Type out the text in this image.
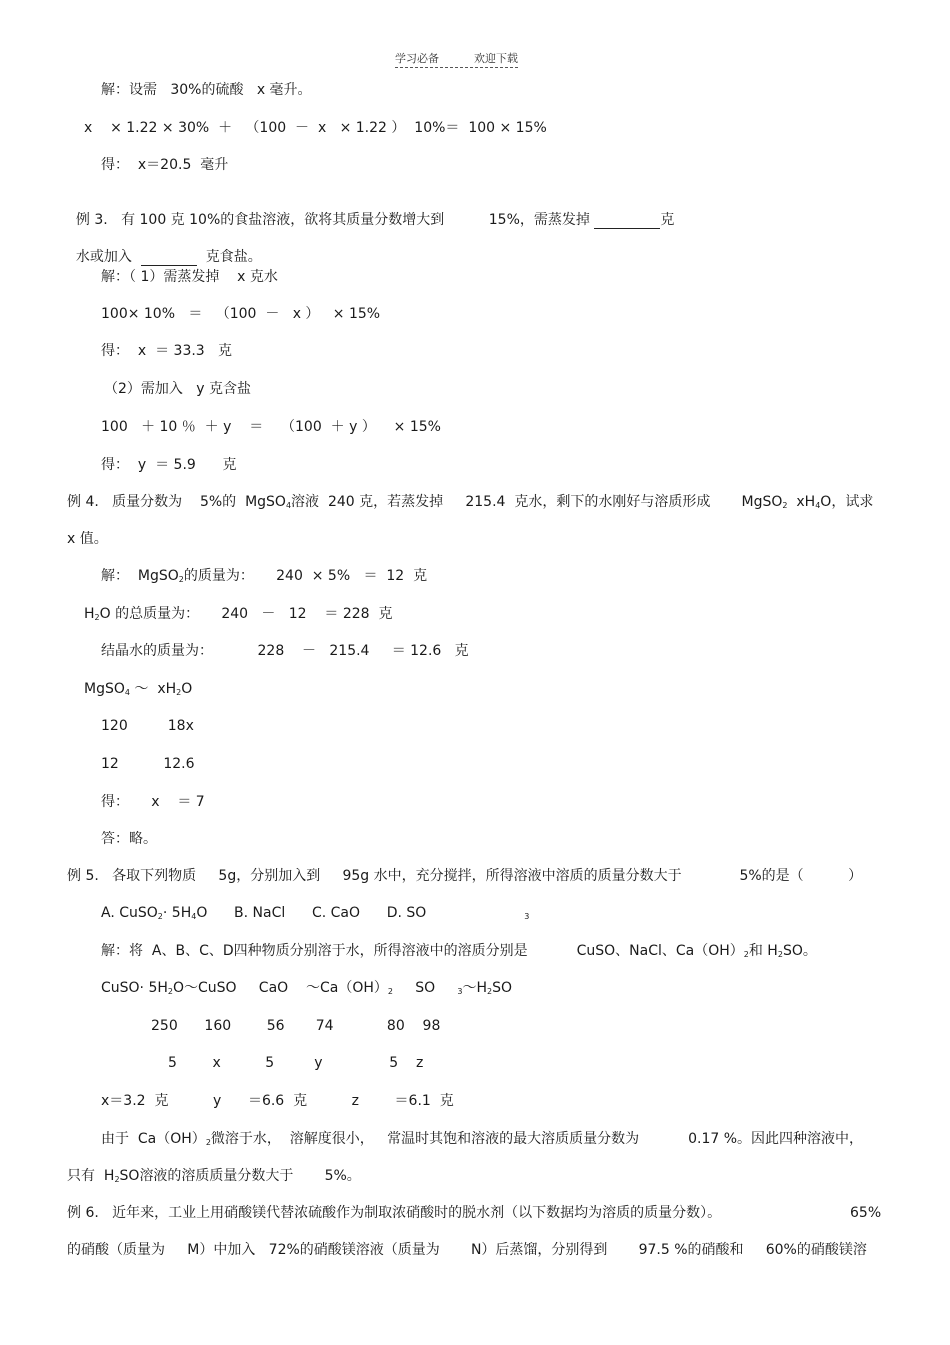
学习必备          欢迎下载
解：设需   30%的硫酸   x 毫升。
x    × 1.22 × 30%  ＋   （100  －  x   × 1.22 ）  10%＝  100 × 15%
得：  x＝20.5  毫升

例 3.   有 100 克 10%的食盐溶液，欲将其质量分数增大到          15%，需蒸发掉	克

水或加入	克食盐。

解：（ 1）需蒸发掉    x 克水
100× 10%   ＝   （100  －   x ）   × 15%
得：  x  ＝ 33.3   克
（2）需加入   y 克含盐
100   ＋ 10 ％  ＋ y    ＝    （100  ＋ y ）    × 15%
得：  y  ＝ 5.9      克
例 4.   质量分数为    5%的  MgSO$_4$溶液  240 克，若蒸发掉     215.4  克水，剩下的水刚好与溶质形成 MgSO$_2$ $xH_4O$，试求
x 值。
解：  MgSO$_2$的质量为：     240  × 5%   ＝  12  克
$H_2O$ 的总质量为：     240   －   12    ＝ 228  克
结晶水的质量为：          228    －   215.4     ＝ 12.6   克
MgSO$_4$ ～  $xH_2O$
120         18x
12          12.6
得：     x    ＝ 7
答：略。
例 5.   各取下列物质     5g，分别加入到     95g 水中，充分搅拌，所得溶液中溶质的质量分数大于             5%的是（          ）
A. CuSO$_2$· $5H_4O$      B. NaCl      C. CaO      D. SO	$_3$
解：将  A、B、C、D四种物质分别溶于水，所得溶液中的溶质分别是           CuSO、NaCl、$Ca(OH)_2$和 $H_2SO$。
CuSO· $5H_2O\sim CuSO$     CaO    $\sim Ca(OH)_2$     SO     $_3\sim H_2SO$
250      160        56       74            80    98
5        x          5         y               5    z
x＝3.2  克          y      ＝6.6  克          z        ＝6.1  克
由于  $Ca(OH)_2$微溶于水，  溶解度很小，   常温时其饱和溶液的最大溶质质量分数为           0.17 %。因此四种溶液中，
只有  $H_2SO$溶液的溶质质量分数大于       5%。
例 6.   近年来，工业上用硝酸镁代替浓硫酸作为制取浓硝酸时的脱水剂（以下数据均为溶质的质量分数）。	65%
的硝酸（质量为     M）中加入   72%的硝酸镁溶液（质量为       N）后蒸馏，分别得到       97.5 %的硝酸和     60%的硝酸镁溶
